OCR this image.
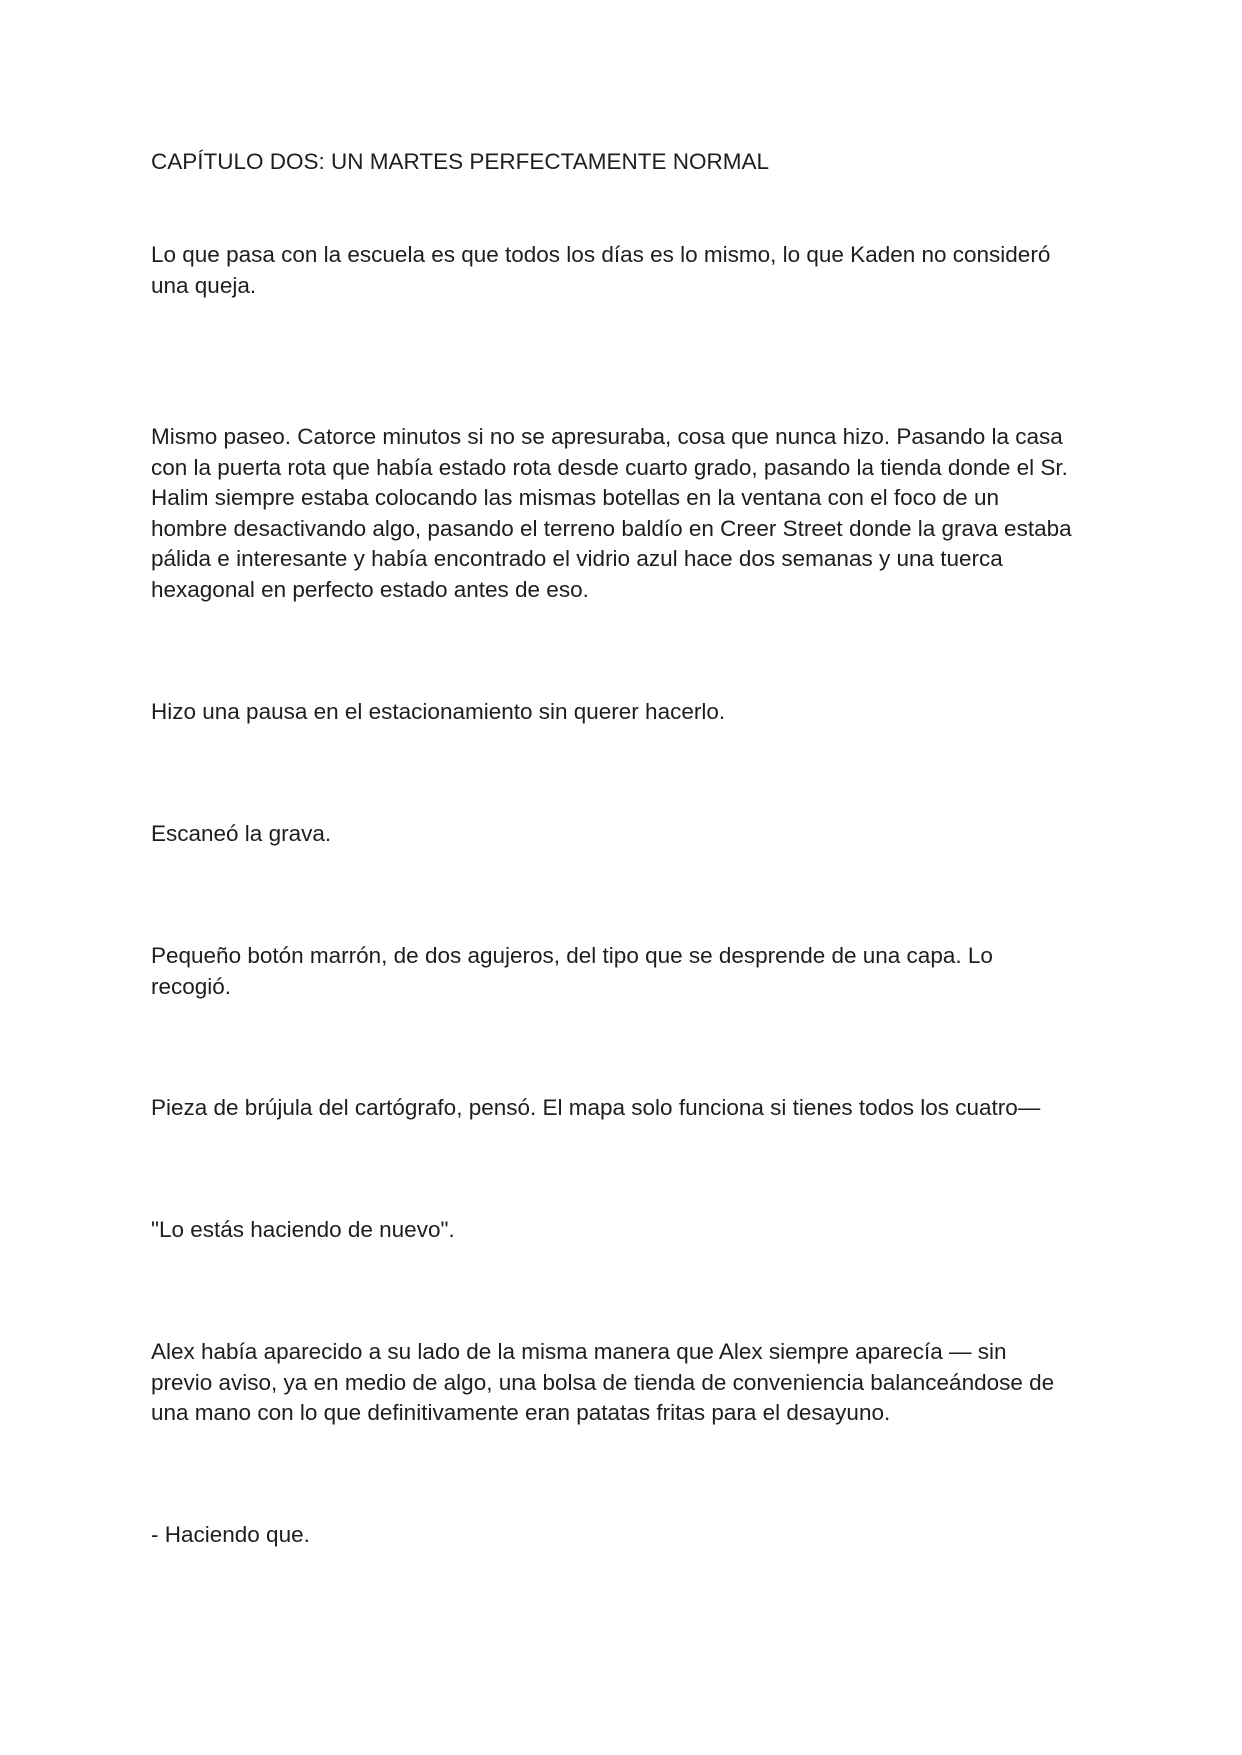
CAPÍTULO DOS: UN MARTES PERFECTAMENTE NORMAL

Lo que pasa con la escuela es que todos los días es lo mismo, lo que Kaden no consideró
una queja.

Mismo paseo. Catorce minutos si no se apresuraba, cosa que nunca hizo. Pasando la casa
con la puerta rota que había estado rota desde cuarto grado, pasando la tienda donde el Sr.
Halim siempre estaba colocando las mismas botellas en la ventana con el foco de un
hombre desactivando algo, pasando el terreno baldío en Creer Street donde la grava estaba
pálida e interesante y había encontrado el vidrio azul hace dos semanas y una tuerca
hexagonal en perfecto estado antes de eso.

Hizo una pausa en el estacionamiento sin querer hacerlo.

Escaneó la grava.

Pequeño botón marrón, de dos agujeros, del tipo que se desprende de una capa. Lo
recogió.

Pieza de brújula del cartógrafo, pensó. El mapa solo funciona si tienes todos los cuatro—

"Lo estás haciendo de nuevo".

Alex había aparecido a su lado de la misma manera que Alex siempre aparecía — sin
previo aviso, ya en medio de algo, una bolsa de tienda de conveniencia balanceándose de
una mano con lo que definitivamente eran patatas fritas para el desayuno.

- Haciendo que.
